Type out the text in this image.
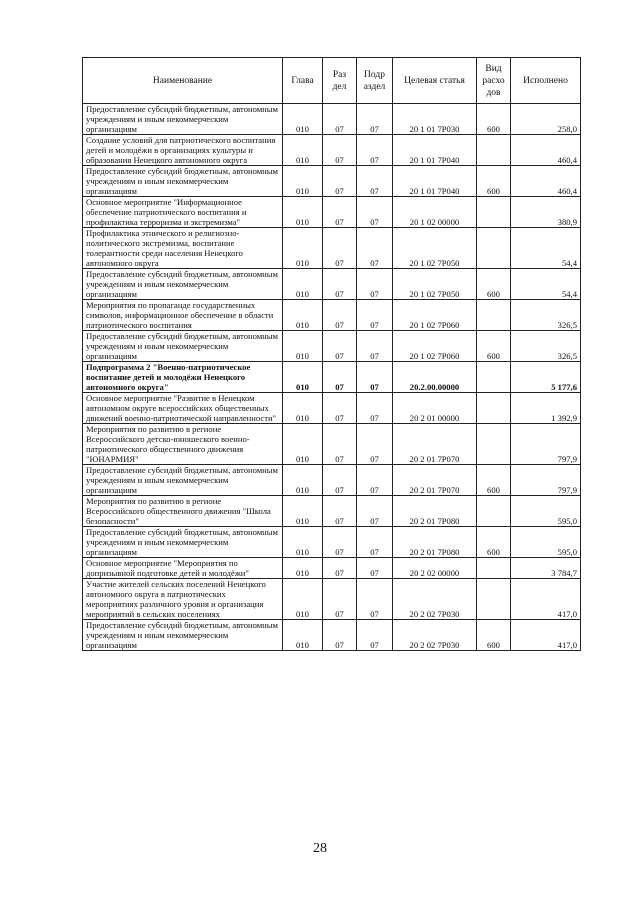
Наименование	Глава	Раз дел	Подр аздел	Целевая статья	Вид расхо дов	Исполнено
Предоставление субсидий бюджетным, автономным учреждениям и иным некоммерческим организациям	010	07	07	20 1 01 7Р030	600	258,0
Создание условий для патриотического воспитания детей и молодёжи в организациях культуры и образования Ненецкого автономного округа	010	07	07	20 1 01 7Р040		460,4
Предоставление субсидий бюджетным, автономным учреждениям и иным некоммерческим организациям	010	07	07	20 1 01 7Р040	600	460,4
Основное мероприятие "Информационное обеспечение патриотического воспитания и профилактика терроризма и экстремизма"	010	07	07	20 1 02 00000		380,9
Профилактика этнического и религиозно-политического экстремизма, воспитание толерантности среди населения Ненецкого автономного округа	010	07	07	20 1 02 7Р050		54,4
Предоставление субсидий бюджетным, автономным учреждениям и иным некоммерческим организациям	010	07	07	20 1 02 7Р050	600	54,4
Мероприятия по пропаганде государственных символов, информационное обеспечение в области патриотического воспитания	010	07	07	20 1 02 7Р060		326,5
Предоставление субсидий бюджетным, автономным учреждениям и иным некоммерческим организациям	010	07	07	20 1 02 7Р060	600	326,5
Подпрограмма 2 "Военно-патриотическое воспитание детей и молодёжи Ненецкого автономного округа"	010	07	07	20.2.00.00000		5 177,6
Основное мероприятие "Развитие в Ненецком автономном округе всероссийских общественных движений военно-патриотической направленности"	010	07	07	20 2 01 00000		1 392,9
Мероприятия по развитию в регионе Всероссийского детско-юношеского военно-патриотического общественного движения "ЮНАРМИЯ"	010	07	07	20 2 01 7Р070		797,9
Предоставление субсидий бюджетным, автономным учреждениям и иным некоммерческим организациям	010	07	07	20 2 01 7Р070	600	797,9
Мероприятия по развитию в регионе Всероссийского общественного движения "Школа безопасности"	010	07	07	20 2 01 7Р080		595,0
Предоставление субсидий бюджетным, автономным учреждениям и иным некоммерческим организациям	010	07	07	20 2 01 7Р080	600	595,0
Основное мероприятие "Мероприятия по допризывной подготовке детей и молодёжи"	010	07	07	20 2 02 00000		3 784,7
Участие жителей сельских поселений Ненецкого автономного округа в патриотических мероприятиях различного уровня и организация мероприятий в сельских поселениях	010	07	07	20 2 02 7Р030		417,0
Предоставление субсидий бюджетным, автономным учреждениям и иным некоммерческим организациям	010	07	07	20 2 02 7Р030	600	417,0
28
